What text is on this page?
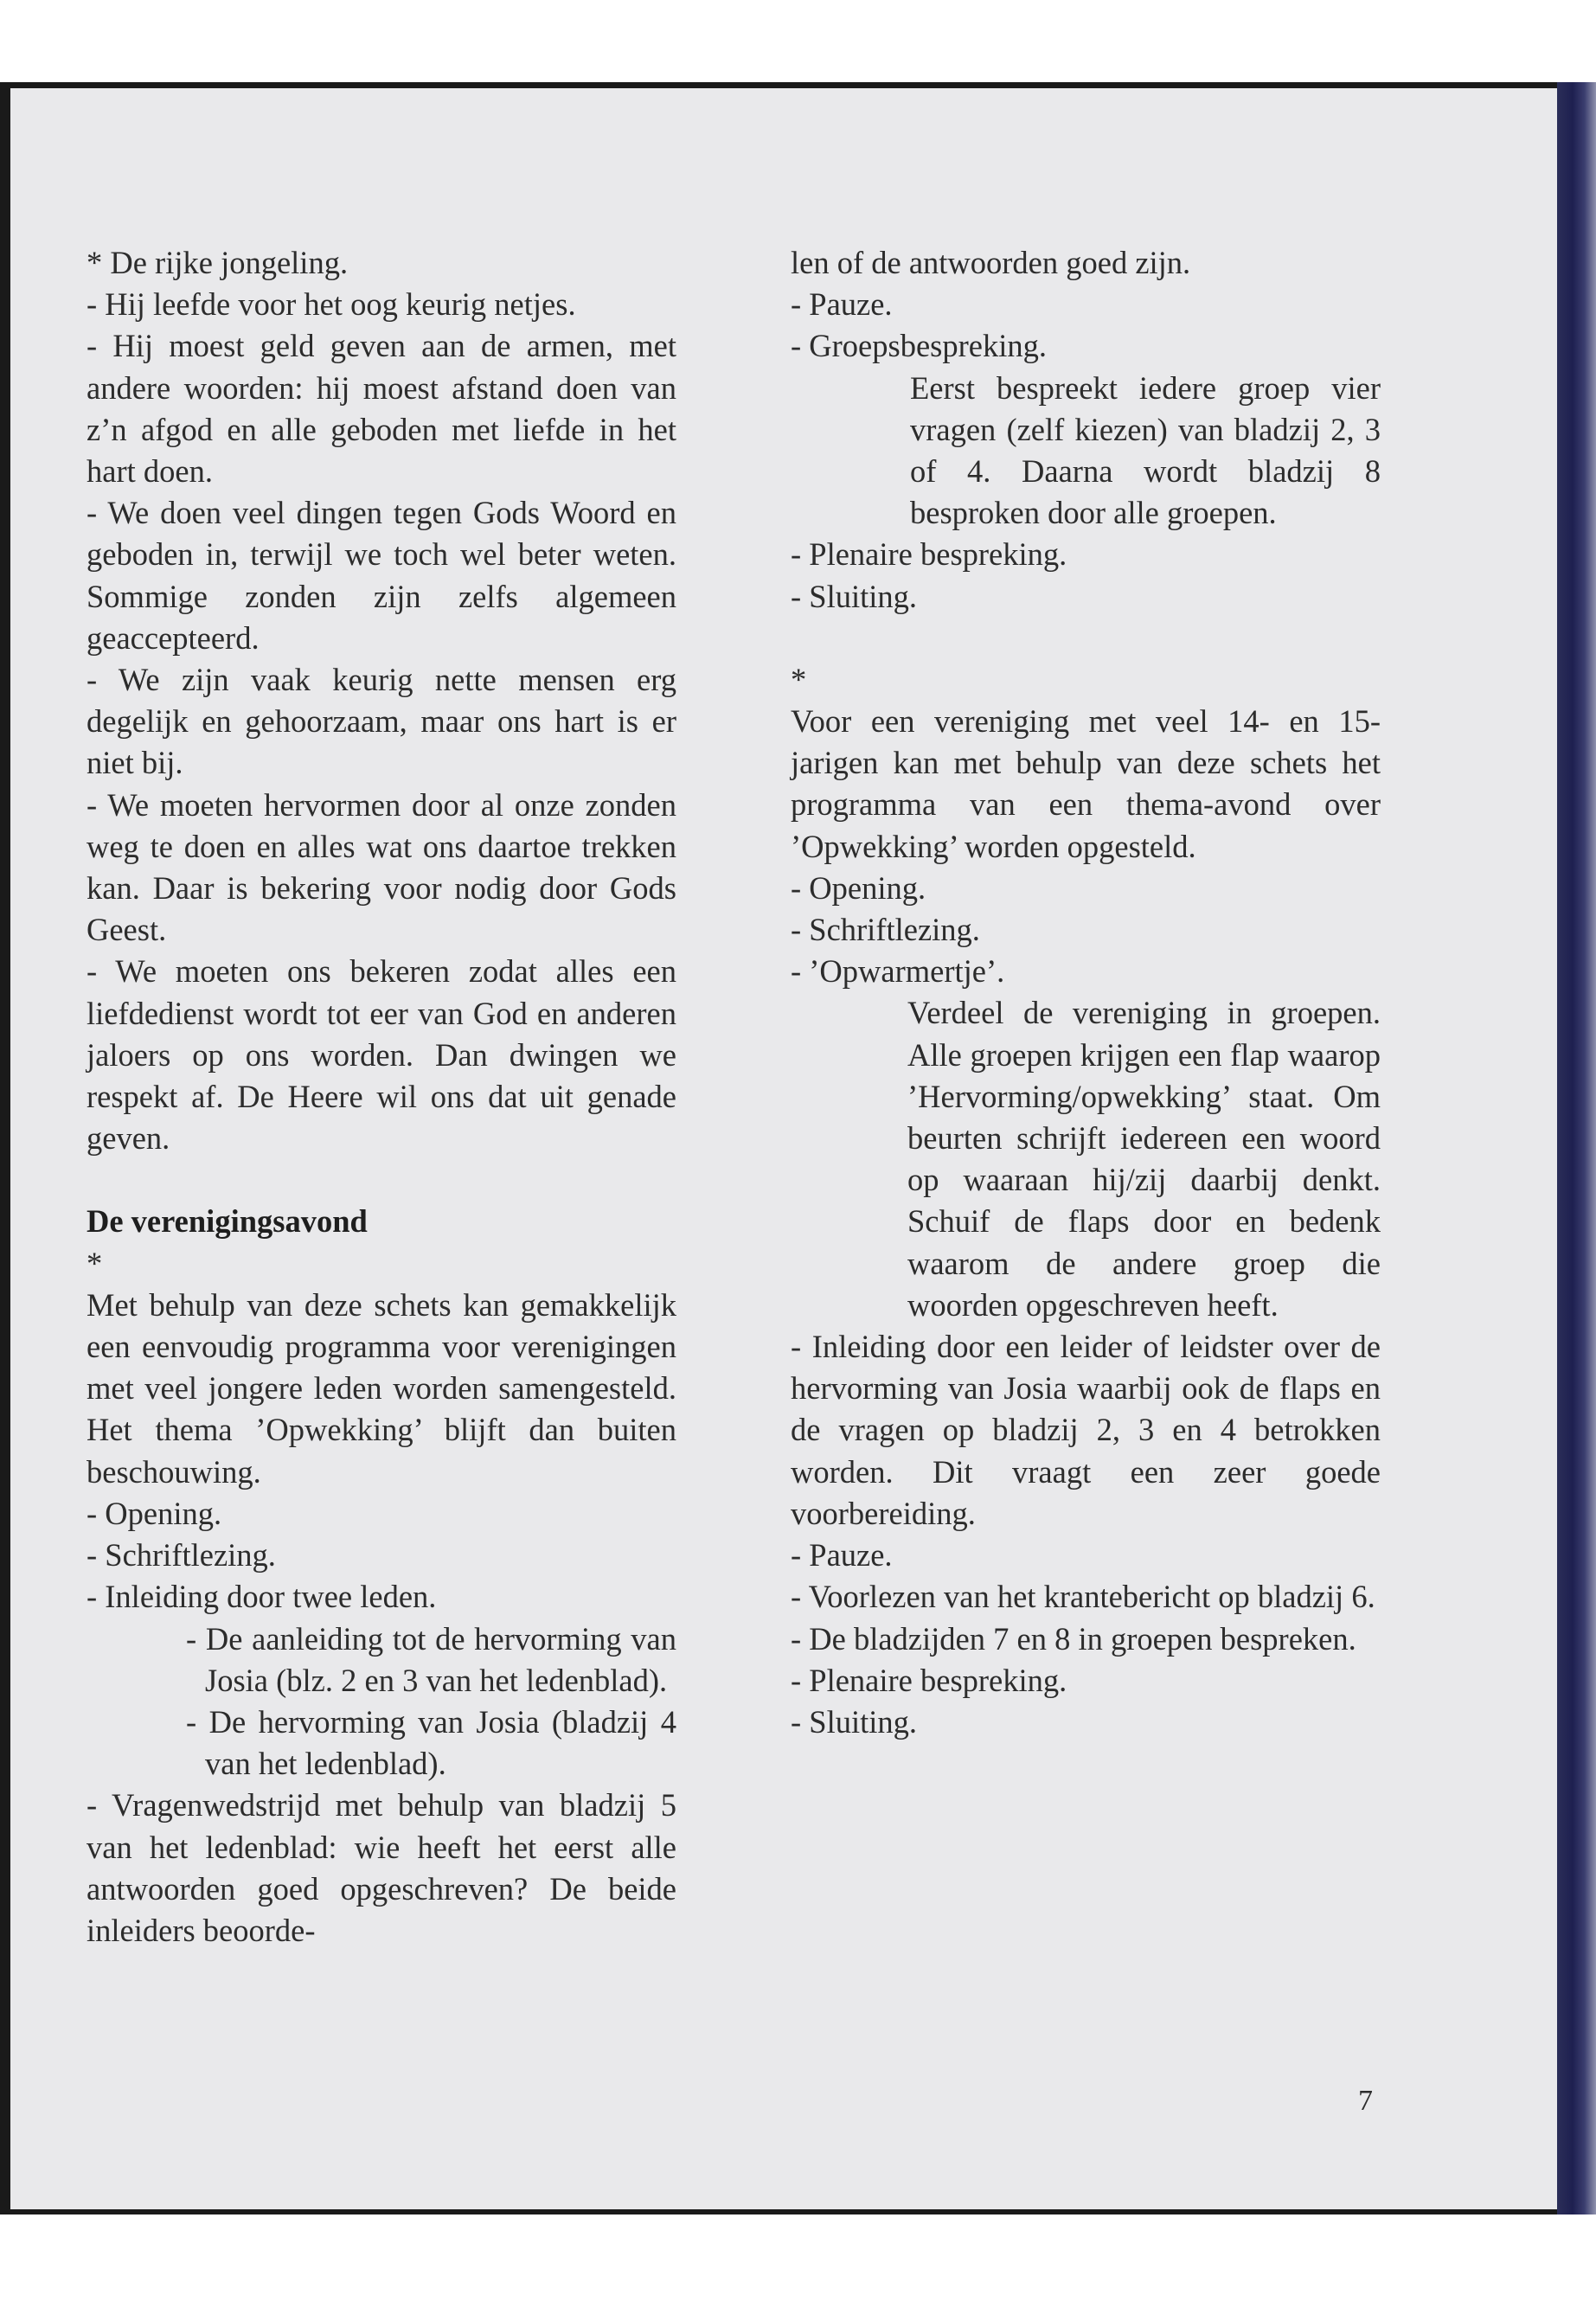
* De rijke jongeling.

- Hij leefde voor het oog keurig netjes.

- Hij moest geld geven aan de armen, met andere woorden: hij moest afstand doen van z’n afgod en alle geboden met liefde in het hart doen.

- We doen veel dingen tegen Gods Woord en geboden in, terwijl we toch wel beter weten. Sommige zonden zijn zelfs algemeen geaccepteerd.

- We zijn vaak keurig nette mensen erg degelijk en gehoorzaam, maar ons hart is er niet bij.

- We moeten hervormen door al onze zonden weg te doen en alles wat ons daartoe trekken kan. Daar is bekering voor nodig door Gods Geest.

- We moeten ons bekeren zodat alles een liefdedienst wordt tot eer van God en anderen jaloers op ons worden. Dan dwingen we respekt af. De Heere wil ons dat uit genade geven.

De verenigingsavond

*

Met behulp van deze schets kan gemakkelijk een eenvoudig programma voor verenigingen met veel jongere leden worden samengesteld. Het thema ’Opwekking’ blijft dan buiten beschouwing.

- Opening.

- Schriftlezing.

- Inleiding door twee leden.

- De aanleiding tot de hervorming van Josia (blz. 2 en 3 van het ledenblad).

- De hervorming van Josia (bladzij 4 van het ledenblad).

- Vragenwedstrijd met behulp van bladzij 5 van het ledenblad: wie heeft het eerst alle antwoorden goed opgeschreven? De beide inleiders beoorde-

len of de antwoorden goed zijn.

- Pauze.

- Groepsbespreking.

Eerst bespreekt iedere groep vier vragen (zelf kiezen) van bladzij 2, 3 of 4. Daarna wordt bladzij 8 besproken door alle groepen.

- Plenaire bespreking.

- Sluiting.

*

Voor een vereniging met veel 14- en 15-jarigen kan met behulp van deze schets het programma van een thema-avond over ’Opwekking’ worden opgesteld.

- Opening.

- Schriftlezing.

- ’Opwarmertje’.

Verdeel de vereniging in groepen. Alle groepen krijgen een flap waarop ’Hervorming/opwekking’ staat. Om beurten schrijft iedereen een woord op waaraan hij/zij daarbij denkt. Schuif de flaps door en bedenk waarom de andere groep die woorden opgeschreven heeft.

- Inleiding door een leider of leidster over de hervorming van Josia waarbij ook de flaps en de vragen op bladzij 2, 3 en 4 betrokken worden. Dit vraagt een zeer goede voorbereiding.

- Pauze.

- Voorlezen van het krantebericht op bladzij 6.

- De bladzijden 7 en 8 in groepen bespreken.

- Plenaire bespreking.

- Sluiting.

7
